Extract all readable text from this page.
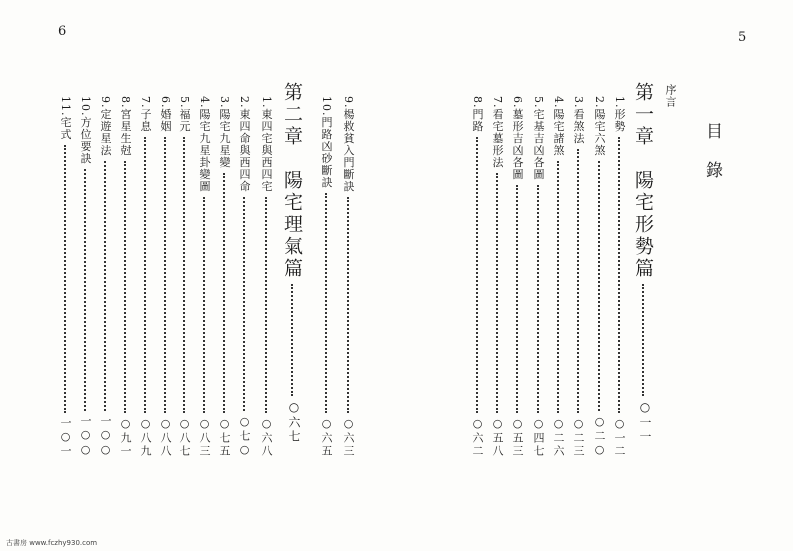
6	5
9.楊救貧入門斷訣
○六三
10.門路凶砂斷訣
○六五
第二章　陽宅理氣篇
○六七
1.東四宅與西四宅
○六八
2.東四命與西四命
○七○
3.陽宅九星變
○七五
4.陽宅九星卦變圖
○八三
5.福元
○八七
6.婚姻
○八八
7.子息
○八九
8.宮星生尅
○九一
9.定遊星法
一○○
10.方位要訣
一○○
11.宅式
一○一
第一章　陽宅形勢篇
○一一
1.形勢
○一二
2.陽宅六煞
○二○
3.看煞法
○二三
4.陽宅諸煞
○二六
5.宅基吉凶各圖
○四七
6.墓形吉凶各圖
○五三
7.看宅墓形法
○五八
8.門路
○六二
目錄
序言
古書房 www.fczhy930.com
